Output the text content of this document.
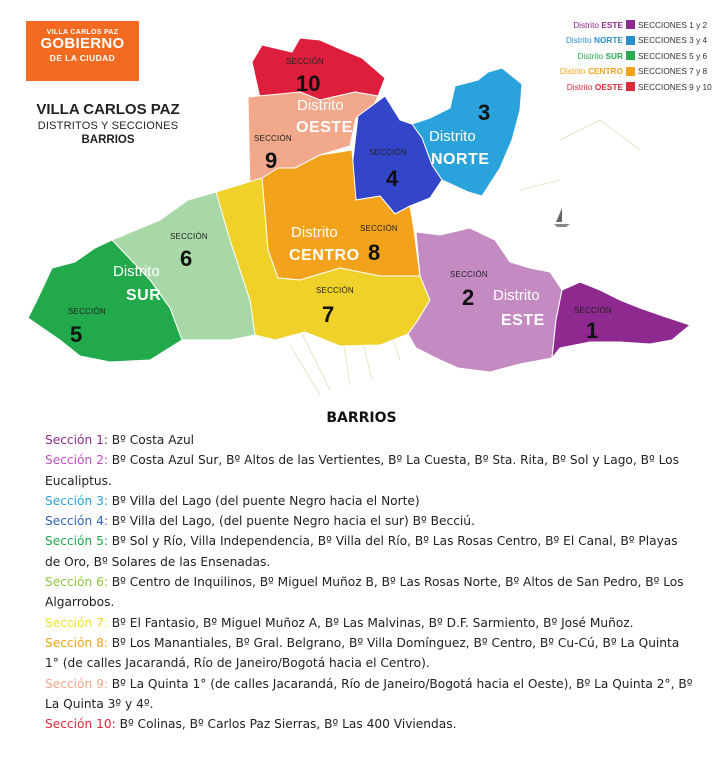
VILLA CARLOS PAZ
GOBIERNO
DE LA CIUDAD
VILLA CARLOS PAZ
DISTRITOS Y SECCIONES
BARRIOS
Distrito ESTE SECCIONES 1 y 2
Distrito NORTE SECCIONES 3 y 4
Distrito SUR SECCIONES 5 y 6
Distrito CENTRO SECCIONES 7 y 8
Distrito OESTE SECCIONES 9 y 10
SECCIÓN
SECCIÓN
SECCIÓN
SECCIÓN
SECCIÓN
SECCIÓN
SECCIÓN
SECCIÓN	SECCIÓN
10
3
4
9
6	8
2
7
5	1
Distrito
OESTE
Distrito
NORTE
Distrito
CENTRO
Distrito
SUR	Distrito
ESTE
BARRIOS
Sección 1: Bº Costa Azul
Sección 2: Bº Costa Azul Sur, Bº Altos de las Vertientes, Bº La Cuesta, Bº Sta. Rita, Bº Sol y Lago, Bº Los Eucaliptus.
Sección 3: Bº Villa del Lago (del puente Negro hacia el Norte)
Sección 4: Bº Villa del Lago, (del puente Negro hacia el sur) Bº Becciú.
Sección 5: Bº Sol y Río, Villa Independencia, Bº Villa del Río, Bº Las Rosas Centro, Bº El Canal, Bº Playas de Oro, Bº Solares de las Ensenadas.
Sección 6: Bº Centro de Inquilinos, Bº Miguel Muñoz B, Bº Las Rosas Norte, Bº Altos de San Pedro, Bº Los Algarrobos.
Sección 7: Bº El Fantasio, Bº Miguel Muñoz A, Bº Las Malvinas, Bº D.F. Sarmiento, Bº José Muñoz.
Sección 8: Bº Los Manantiales, Bº Gral. Belgrano, Bº Villa Domínguez, Bº Centro, Bº Cu-Cú, Bº La Quinta 1° (de calles Jacarandá, Río de Janeiro/Bogotá hacia el Centro).
Sección 9: Bº La Quinta 1° (de calles Jacarandá, Río de Janeiro/Bogotá hacia el Oeste), Bº La Quinta 2°, Bº La Quinta 3º y 4º.
Sección 10: Bº Colinas, Bº Carlos Paz Sierras, Bº Las 400 Viviendas.
